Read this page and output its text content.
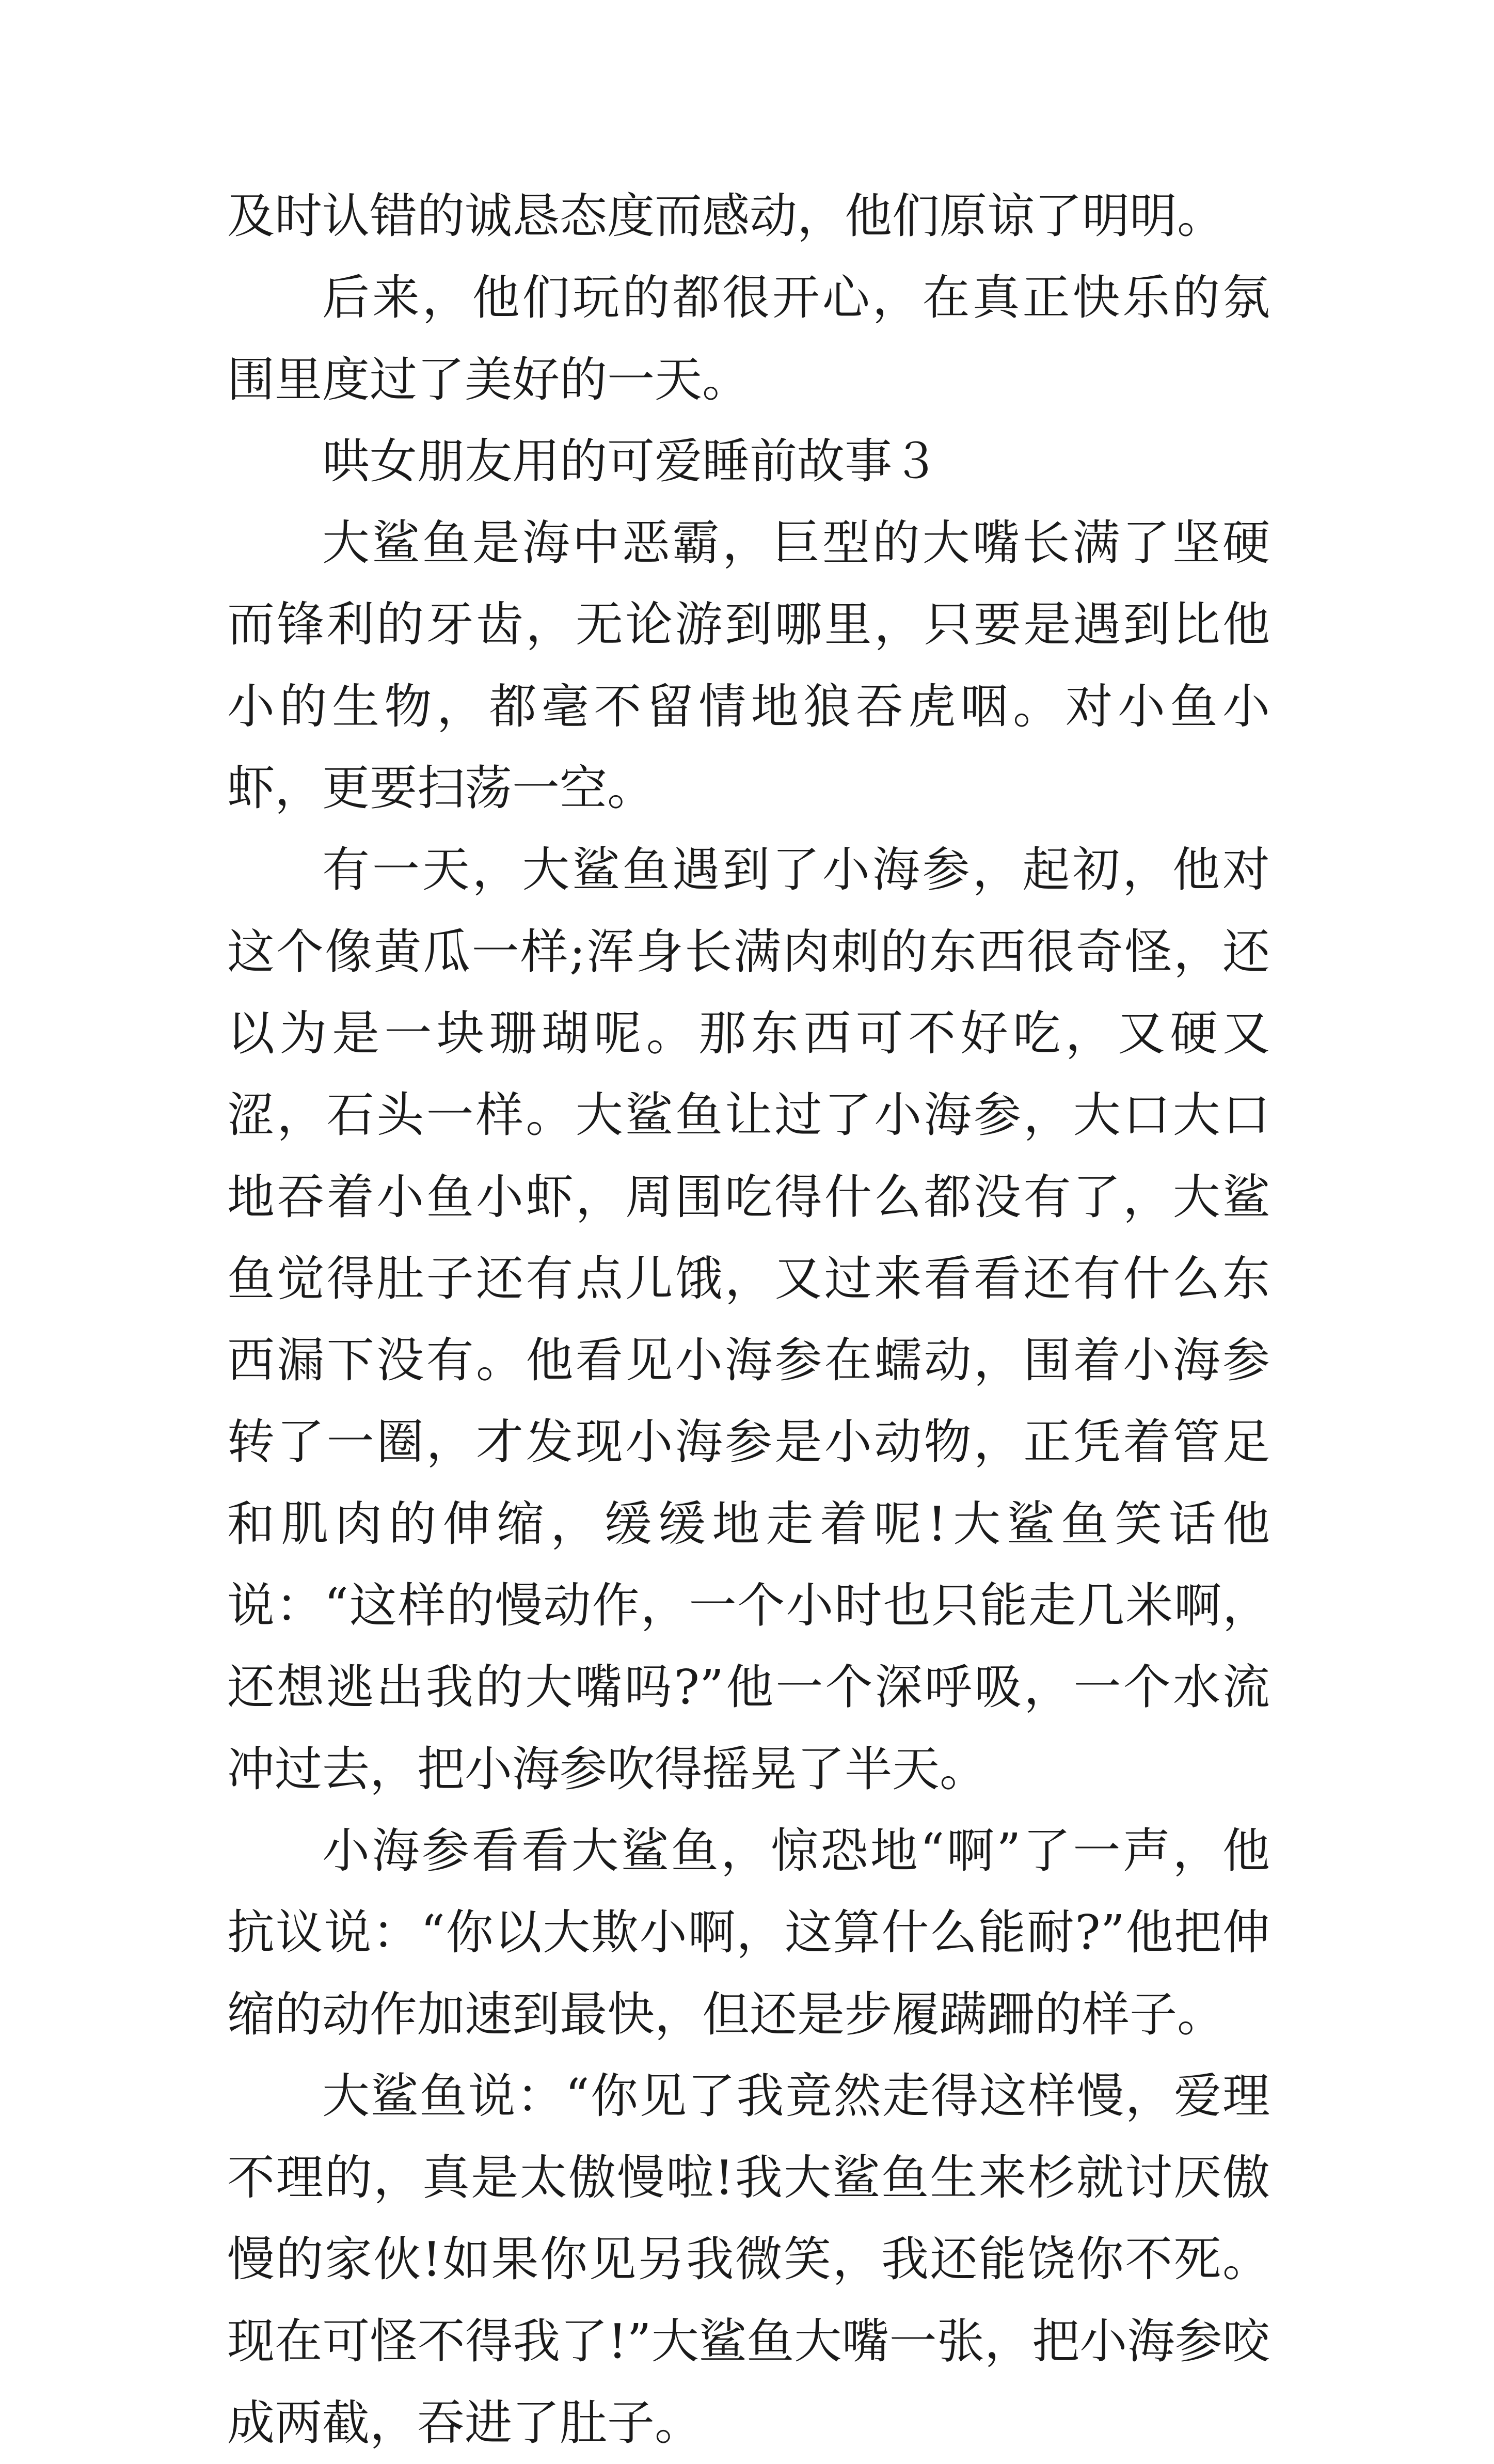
及时认错的诚恳态度而感动，他们原谅了明明。

后来，他们玩的都很开心，在真正快乐的氛围里度过了美好的一天。

哄女朋友用的可爱睡前故事３

大鲨鱼是海中恶霸，巨型的大嘴长满了坚硬而锋利的牙齿，无论游到哪里，只要是遇到比他小的生物，都毫不留情地狼吞虎咽。对小鱼小虾，更要扫荡一空。

有一天，大鲨鱼遇到了小海参，起初，他对这个像黄瓜一样;浑身长满肉刺的东西很奇怪，还以为是一块珊瑚呢。那东西可不好吃，又硬又涩，石头一样。大鲨鱼让过了小海参，大口大口地吞着小鱼小虾，周围吃得什么都没有了，大鲨鱼觉得肚子还有点儿饿，又过来看看还有什么东西漏下没有。他看见小海参在蠕动，围着小海参转了一圈，才发现小海参是小动物，正凭着管足和肌肉的伸缩，缓缓地走着呢!大鲨鱼笑话他说：“这样的慢动作，一个小时也只能走几米啊，还想逃出我的大嘴吗?”他一个深呼吸，一个水流冲过去，把小海参吹得摇晃了半天。

小海参看看大鲨鱼，惊恐地“啊”了一声，他抗议说：“你以大欺小啊，这算什么能耐?”他把伸缩的动作加速到最快，但还是步履蹒跚的样子。

大鲨鱼说：“你见了我竟然走得这样慢，爱理不理的，真是太傲慢啦!我大鲨鱼生来杉就讨厌傲慢的家伙!如果你见另我微笑，我还能饶你不死。现在可怪不得我了!”大鲨鱼大嘴一张，把小海参咬成两截，吞进了肚子。
